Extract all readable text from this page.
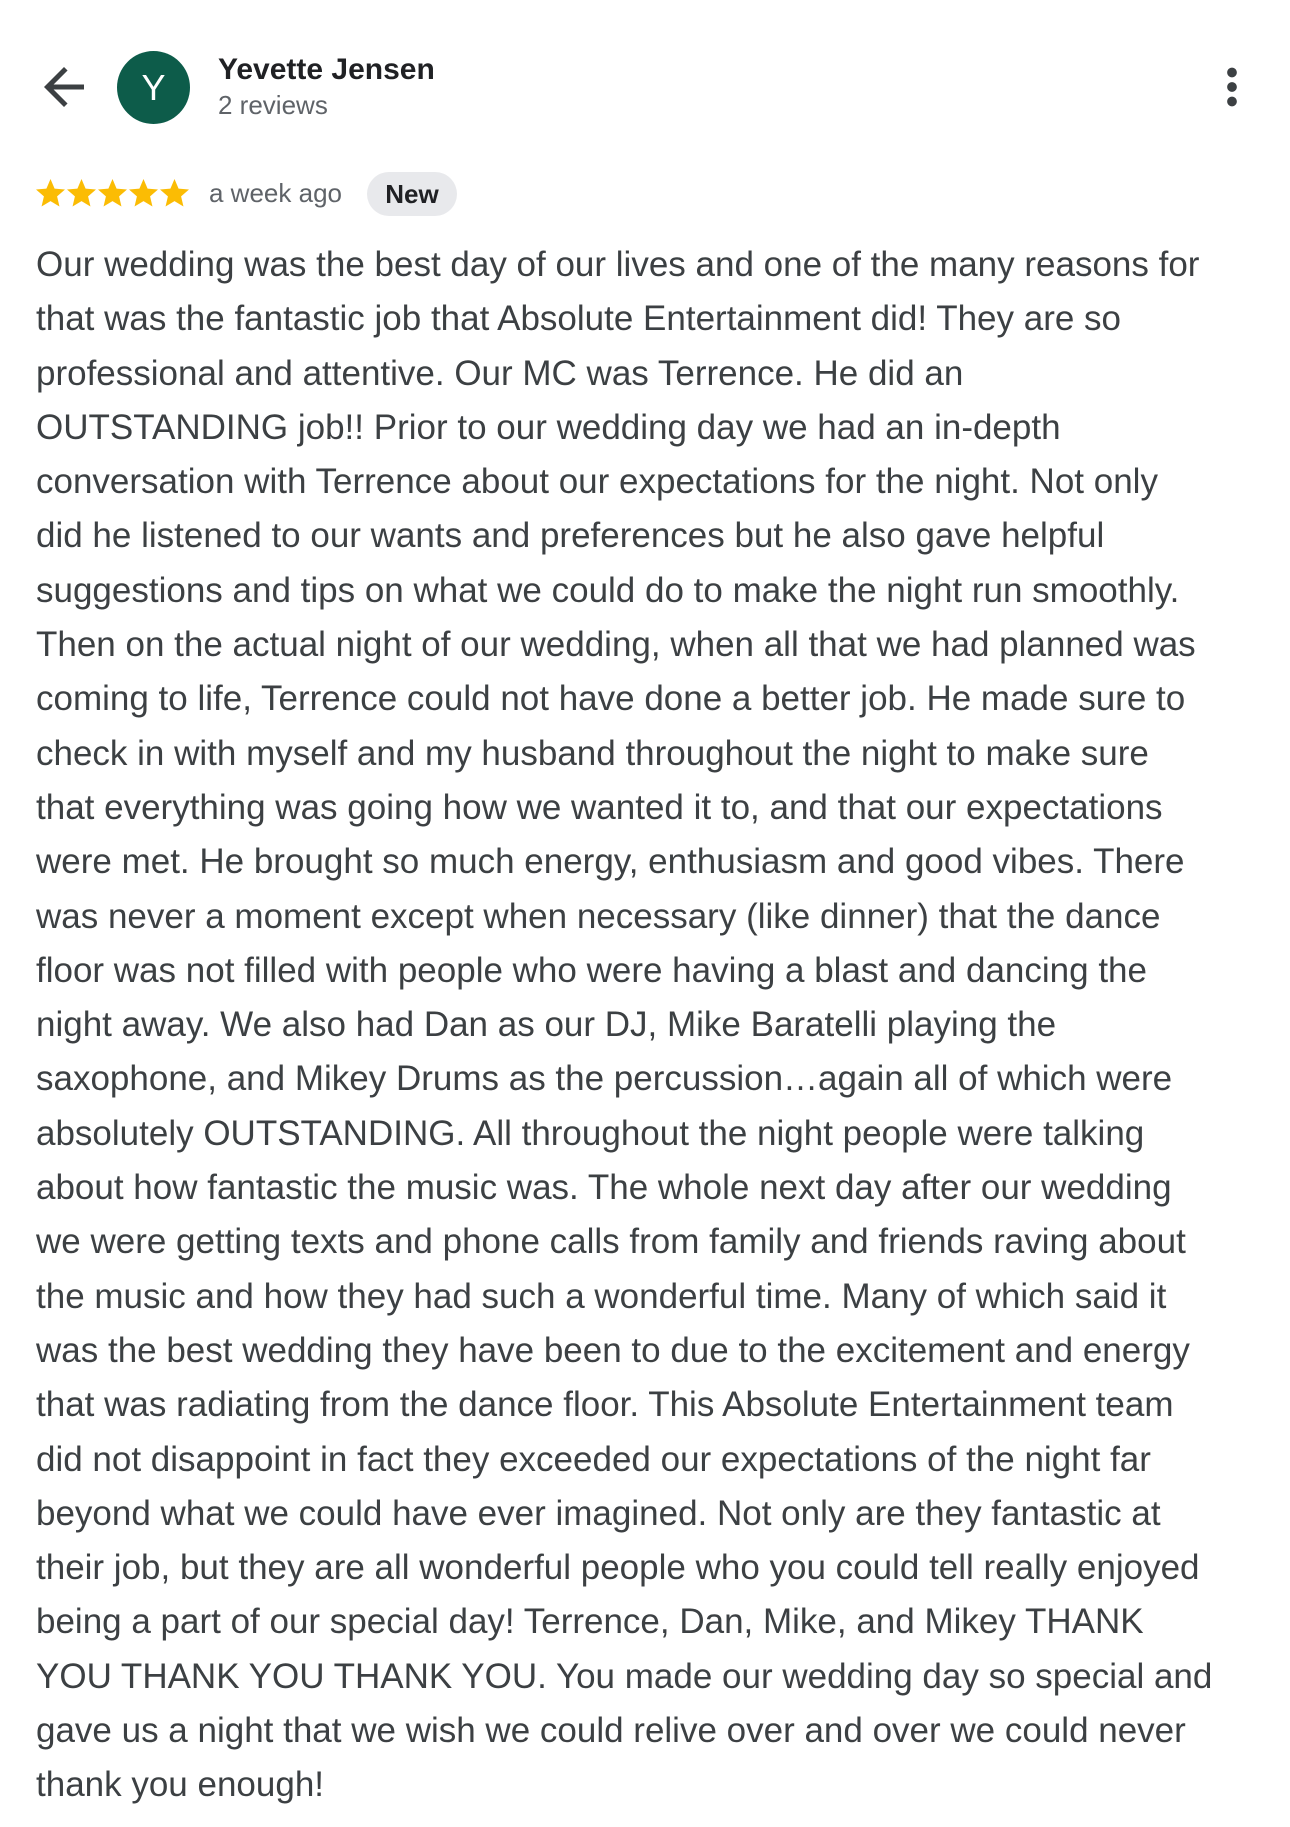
Y Yevette Jensen
2 reviews
a week ago	New
Our wedding was the best day of our lives and one of the many reasons for
that was the fantastic job that Absolute Entertainment did! They are so
professional and attentive. Our MC was Terrence. He did an
OUTSTANDING job!! Prior to our wedding day we had an in-depth
conversation with Terrence about our expectations for the night. Not only
did he listened to our wants and preferences but he also gave helpful
suggestions and tips on what we could do to make the night run smoothly.
Then on the actual night of our wedding, when all that we had planned was
coming to life, Terrence could not have done a better job. He made sure to
check in with myself and my husband throughout the night to make sure
that everything was going how we wanted it to, and that our expectations
were met. He brought so much energy, enthusiasm and good vibes. There
was never a moment except when necessary (like dinner) that the dance
floor was not filled with people who were having a blast and dancing the
night away. We also had Dan as our DJ, Mike Baratelli playing the
saxophone, and Mikey Drums as the percussion…again all of which were
absolutely OUTSTANDING. All throughout the night people were talking
about how fantastic the music was. The whole next day after our wedding
we were getting texts and phone calls from family and friends raving about
the music and how they had such a wonderful time. Many of which said it
was the best wedding they have been to due to the excitement and energy
that was radiating from the dance floor. This Absolute Entertainment team
did not disappoint in fact they exceeded our expectations of the night far
beyond what we could have ever imagined. Not only are they fantastic at
their job, but they are all wonderful people who you could tell really enjoyed
being a part of our special day! Terrence, Dan, Mike, and Mikey THANK
YOU THANK YOU THANK YOU. You made our wedding day so special and
gave us a night that we wish we could relive over and over we could never
thank you enough!
